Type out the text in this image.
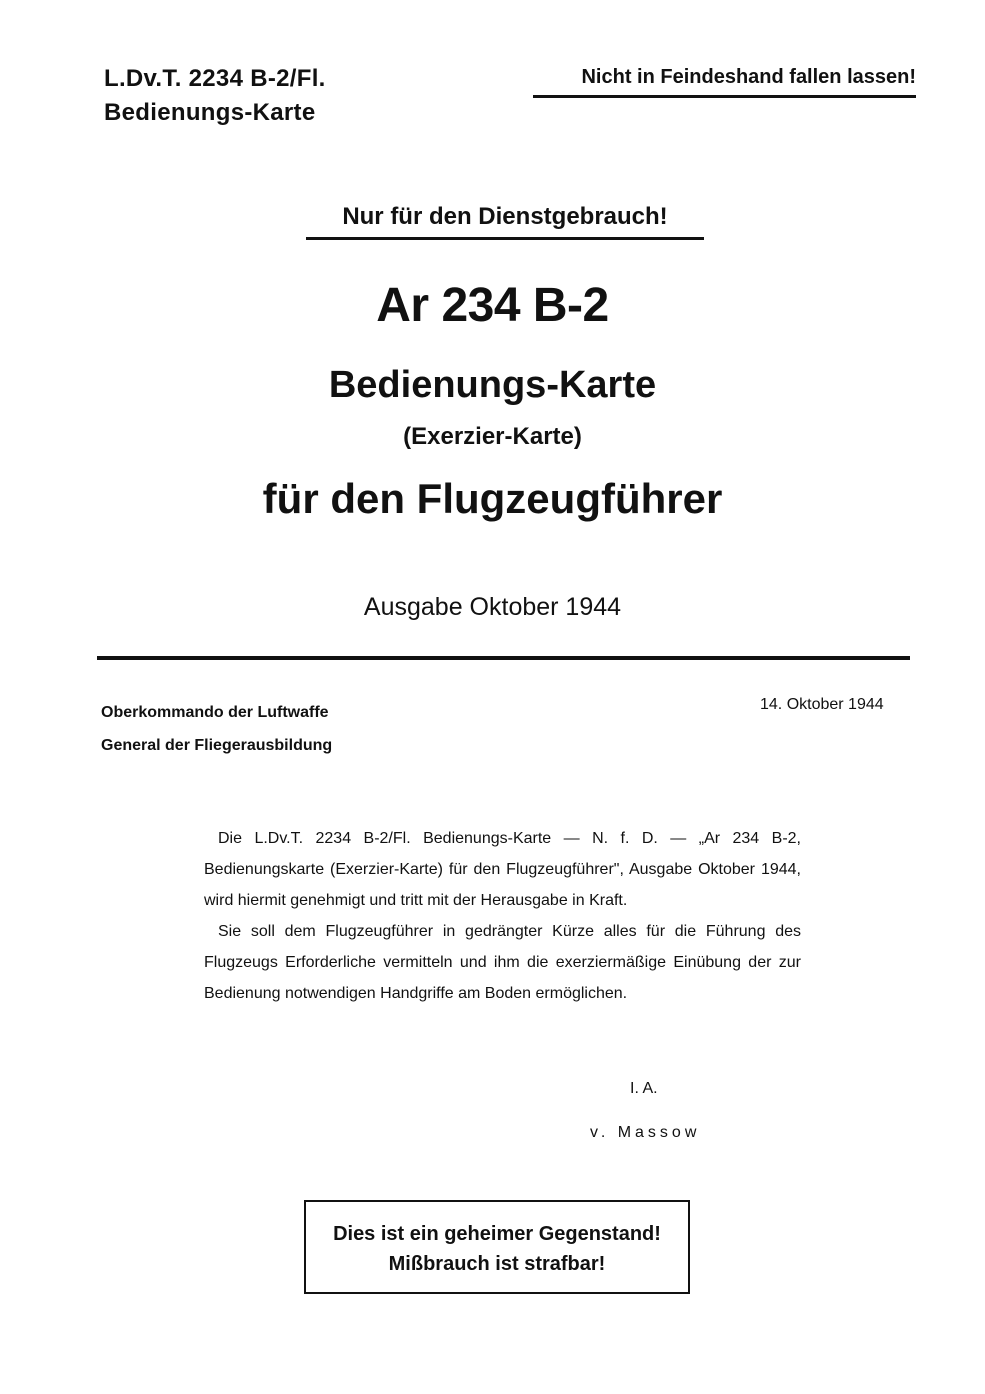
L.Dv.T. 2234 B-2/Fl.
Bedienungs-Karte
Nicht in Feindeshand fallen lassen!
Nur für den Dienstgebrauch!
Ar 234 B-2
Bedienungs-Karte
(Exerzier-Karte)
für den Flugzeugführer
Ausgabe Oktober 1944
Oberkommando der Luftwaffe
General der Fliegerausbildung
14. Oktober 1944

Die L.Dv.T. 2234 B-2/Fl. Bedienungs-Karte — N. f. D. — „Ar 234 B-2, Bedienungskarte (Exerzier-Karte) für den Flugzeugführer", Ausgabe Oktober 1944, wird hiermit genehmigt und tritt mit der Herausgabe in Kraft.

Sie soll dem Flugzeugführer in gedrängter Kürze alles für die Führung des Flugzeugs Erforderliche vermitteln und ihm die exerziermäßige Einübung der zur Bedienung notwendigen Handgriffe am Boden ermöglichen.

I. A.
v. Massow
Dies ist ein geheimer Gegenstand!
Mißbrauch ist strafbar!
